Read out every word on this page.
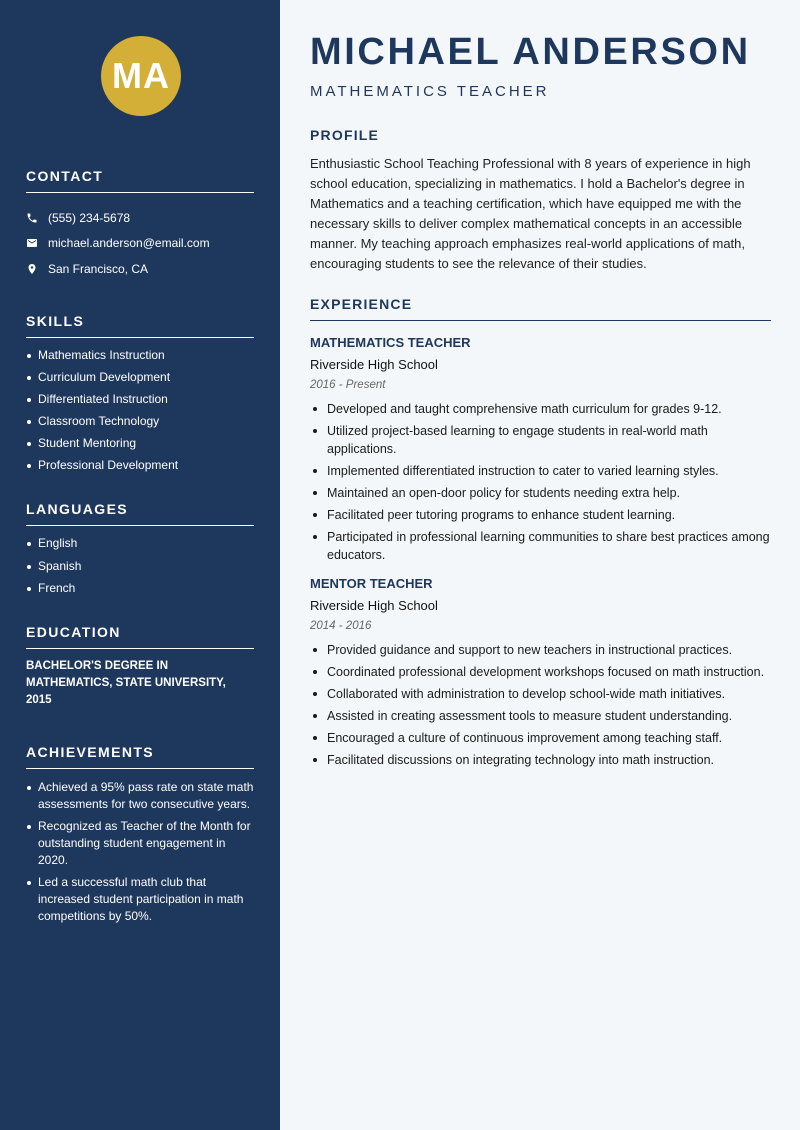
MA
CONTACT
(555) 234-5678
michael.anderson@email.com
San Francisco, CA
SKILLS
Mathematics Instruction
Curriculum Development
Differentiated Instruction
Classroom Technology
Student Mentoring
Professional Development
LANGUAGES
English
Spanish
French
EDUCATION
BACHELOR'S DEGREE IN MATHEMATICS, STATE UNIVERSITY, 2015
ACHIEVEMENTS
Achieved a 95% pass rate on state math assessments for two consecutive years.
Recognized as Teacher of the Month for outstanding student engagement in 2020.
Led a successful math club that increased student participation in math competitions by 50%.
MICHAEL ANDERSON
MATHEMATICS TEACHER
PROFILE

Enthusiastic School Teaching Professional with 8 years of experience in high school education, specializing in mathematics. I hold a Bachelor's degree in Mathematics and a teaching certification, which have equipped me with the necessary skills to deliver complex mathematical concepts in an accessible manner. My teaching approach emphasizes real-world applications of math, encouraging students to see the relevance of their studies.

EXPERIENCE
MATHEMATICS TEACHER
Riverside High School
2016 - Present
Developed and taught comprehensive math curriculum for grades 9-12.
Utilized project-based learning to engage students in real-world math applications.
Implemented differentiated instruction to cater to varied learning styles.
Maintained an open-door policy for students needing extra help.
Facilitated peer tutoring programs to enhance student learning.
Participated in professional learning communities to share best practices among educators.
MENTOR TEACHER
Riverside High School
2014 - 2016
Provided guidance and support to new teachers in instructional practices.
Coordinated professional development workshops focused on math instruction.
Collaborated with administration to develop school-wide math initiatives.
Assisted in creating assessment tools to measure student understanding.
Encouraged a culture of continuous improvement among teaching staff.
Facilitated discussions on integrating technology into math instruction.
